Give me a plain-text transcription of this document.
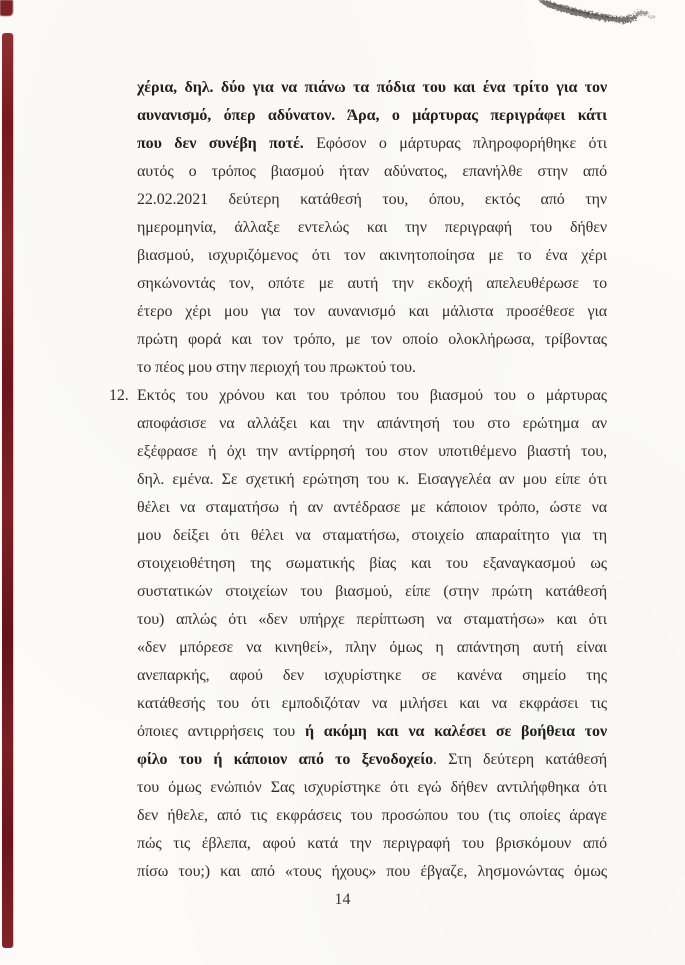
χέρια, δηλ. δύο για να πιάνω τα πόδια του και ένα τρίτο για τον
αυνανισμό, όπερ αδύνατον. Άρα, ο μάρτυρας περιγράφει κάτι
που δεν συνέβη ποτέ. Εφόσον ο μάρτυρας πληροφορήθηκε ότι
αυτός ο τρόπος βιασμού ήταν αδύνατος, επανήλθε στην από
22.02.2021 δεύτερη κατάθεσή του, όπου, εκτός από την
ημερομηνία, άλλαξε εντελώς και την περιγραφή του δήθεν
βιασμού, ισχυριζόμενος ότι τον ακινητοποίησα με το ένα χέρι
σηκώνοντάς τον, οπότε με αυτή την εκδοχή απελευθέρωσε το
έτερο χέρι μου για τον αυνανισμό και μάλιστα προσέθεσε για
πρώτη φορά και τον τρόπο, με τον οποίο ολοκλήρωσα, τρίβοντας
το πέος μου στην περιοχή του πρωκτού του.
12. Εκτός του χρόνου και του τρόπου του βιασμού του ο μάρτυρας
αποφάσισε να αλλάξει και την απάντησή του στο ερώτημα αν
εξέφρασε ή όχι την αντίρρησή του στον υποτιθέμενο βιαστή του,
δηλ. εμένα. Σε σχετική ερώτηση του κ. Εισαγγελέα αν μου είπε ότι
θέλει να σταματήσω ή αν αντέδρασε με κάποιον τρόπο, ώστε να
μου δείξει ότι θέλει να σταματήσω, στοιχείο απαραίτητο για τη
στοιχειοθέτηση της σωματικής βίας και του εξαναγκασμού ως
συστατικών στοιχείων του βιασμού, είπε (στην πρώτη κατάθεσή
του) απλώς ότι «δεν υπήρχε περίπτωση να σταματήσω» και ότι
«δεν μπόρεσε να κινηθεί», πλην όμως η απάντηση αυτή είναι
ανεπαρκής, αφού δεν ισχυρίστηκε σε κανένα σημείο της
κατάθεσής του ότι εμποδιζόταν να μιλήσει και να εκφράσει τις
όποιες αντιρρήσεις του ή ακόμη και να καλέσει σε βοήθεια τον
φίλο του ή κάποιον από το ξενοδοχείο. Στη δεύτερη κατάθεσή
του όμως ενώπιόν Σας ισχυρίστηκε ότι εγώ δήθεν αντιλήφθηκα ότι
δεν ήθελε, από τις εκφράσεις του προσώπου του (τις οποίες άραγε
πώς τις έβλεπα, αφού κατά την περιγραφή του βρισκόμουν από
πίσω του;) και από «τους ήχους» που έβγαζε, λησμονώντας όμως
14
